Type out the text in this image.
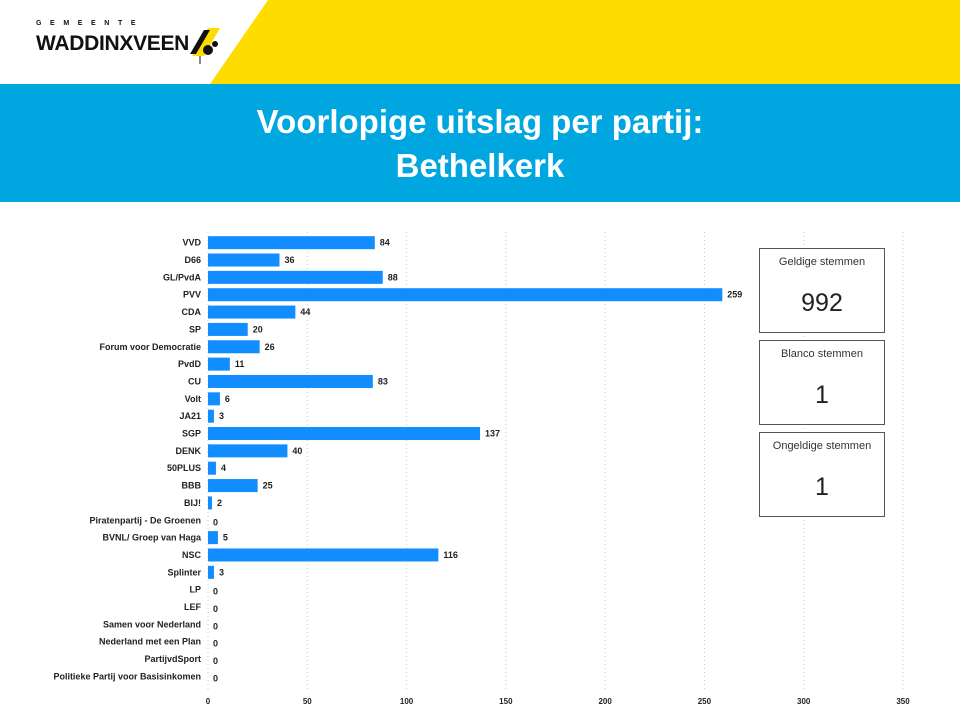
GEMEENTE
WADDINXVEEN
Voorlopige uitslag per partij:
Bethelkerk
0	50	100	150	200	250	300	350
VVD	84
D66	36
GL/PvdA	88
PVV	259
CDA	44
SP	20
Forum voor Democratie	26
PvdD	11
CU	83
Volt	6
JA21 3
SGP	137
DENK	40
50PLUS 4
BBB	25
BIJ! 2
Piratenpartij - De Groenen 0
BVNL/ Groep van Haga 5
NSC	116
Splinter 3
LP 0
LEF 0
Samen voor Nederland 0
Nederland met een Plan 0
PartijvdSport 0
Politieke Partij voor Basisinkomen 0
Geldige stemmen
992
Blanco stemmen
1
Ongeldige stemmen
1
